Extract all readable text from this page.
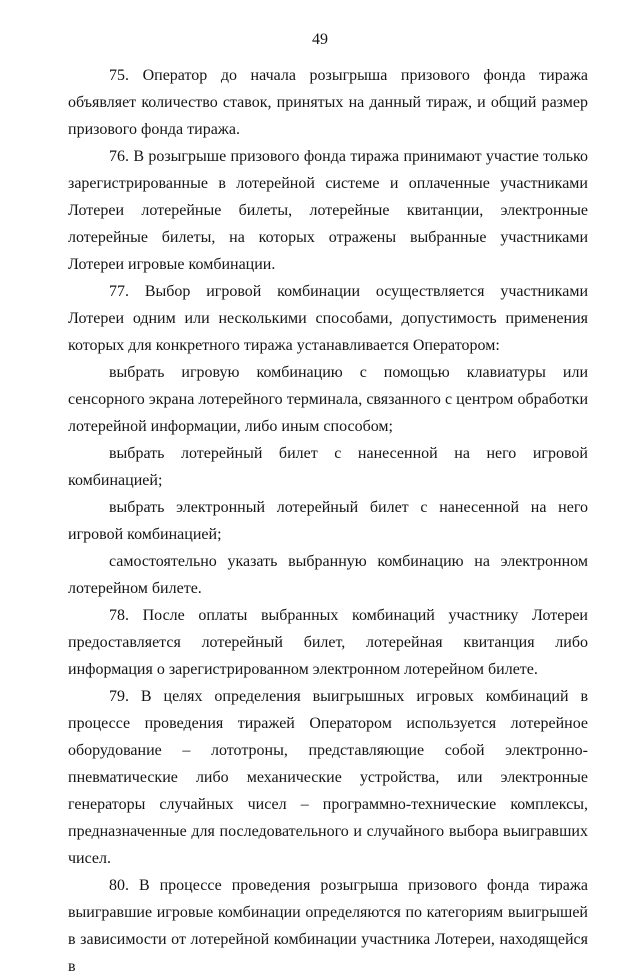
49

75. Оператор до начала розыгрыша призового фонда тиража объявляет количество ставок, принятых на данный тираж, и общий размер призового фонда тиража.

76. В розыгрыше призового фонда тиража принимают участие только зарегистрированные в лотерейной системе и оплаченные участниками Лотереи лотерейные билеты, лотерейные квитанции, электронные лотерейные билеты, на которых отражены выбранные участниками Лотереи игровые комбинации.

77. Выбор игровой комбинации осуществляется участниками Лотереи одним или несколькими способами, допустимость применения которых для конкретного тиража устанавливается Оператором:

выбрать игровую комбинацию с помощью клавиатуры или сенсорного экрана лотерейного терминала, связанного с центром обработки лотерейной информации, либо иным способом;

выбрать лотерейный билет с нанесенной на него игровой комбинацией;

выбрать электронный лотерейный билет с нанесенной на него игровой комбинацией;

самостоятельно указать выбранную комбинацию на электронном лотерейном билете.

78. После оплаты выбранных комбинаций участнику Лотереи предоставляется лотерейный билет, лотерейная квитанция либо информация о зарегистрированном электронном лотерейном билете.

79. В целях определения выигрышных игровых комбинаций в процессе проведения тиражей Оператором используется лотерейное оборудование – лототроны, представляющие собой электронно-пневматические либо механические устройства, или электронные генераторы случайных чисел – программно-технические комплексы, предназначенные для последовательного и случайного выбора выигравших чисел.

80. В процессе проведения розыгрыша призового фонда тиража выигравшие игровые комбинации определяются по категориям выигрышей в зависимости от лотерейной комбинации участника Лотереи, находящейся в
